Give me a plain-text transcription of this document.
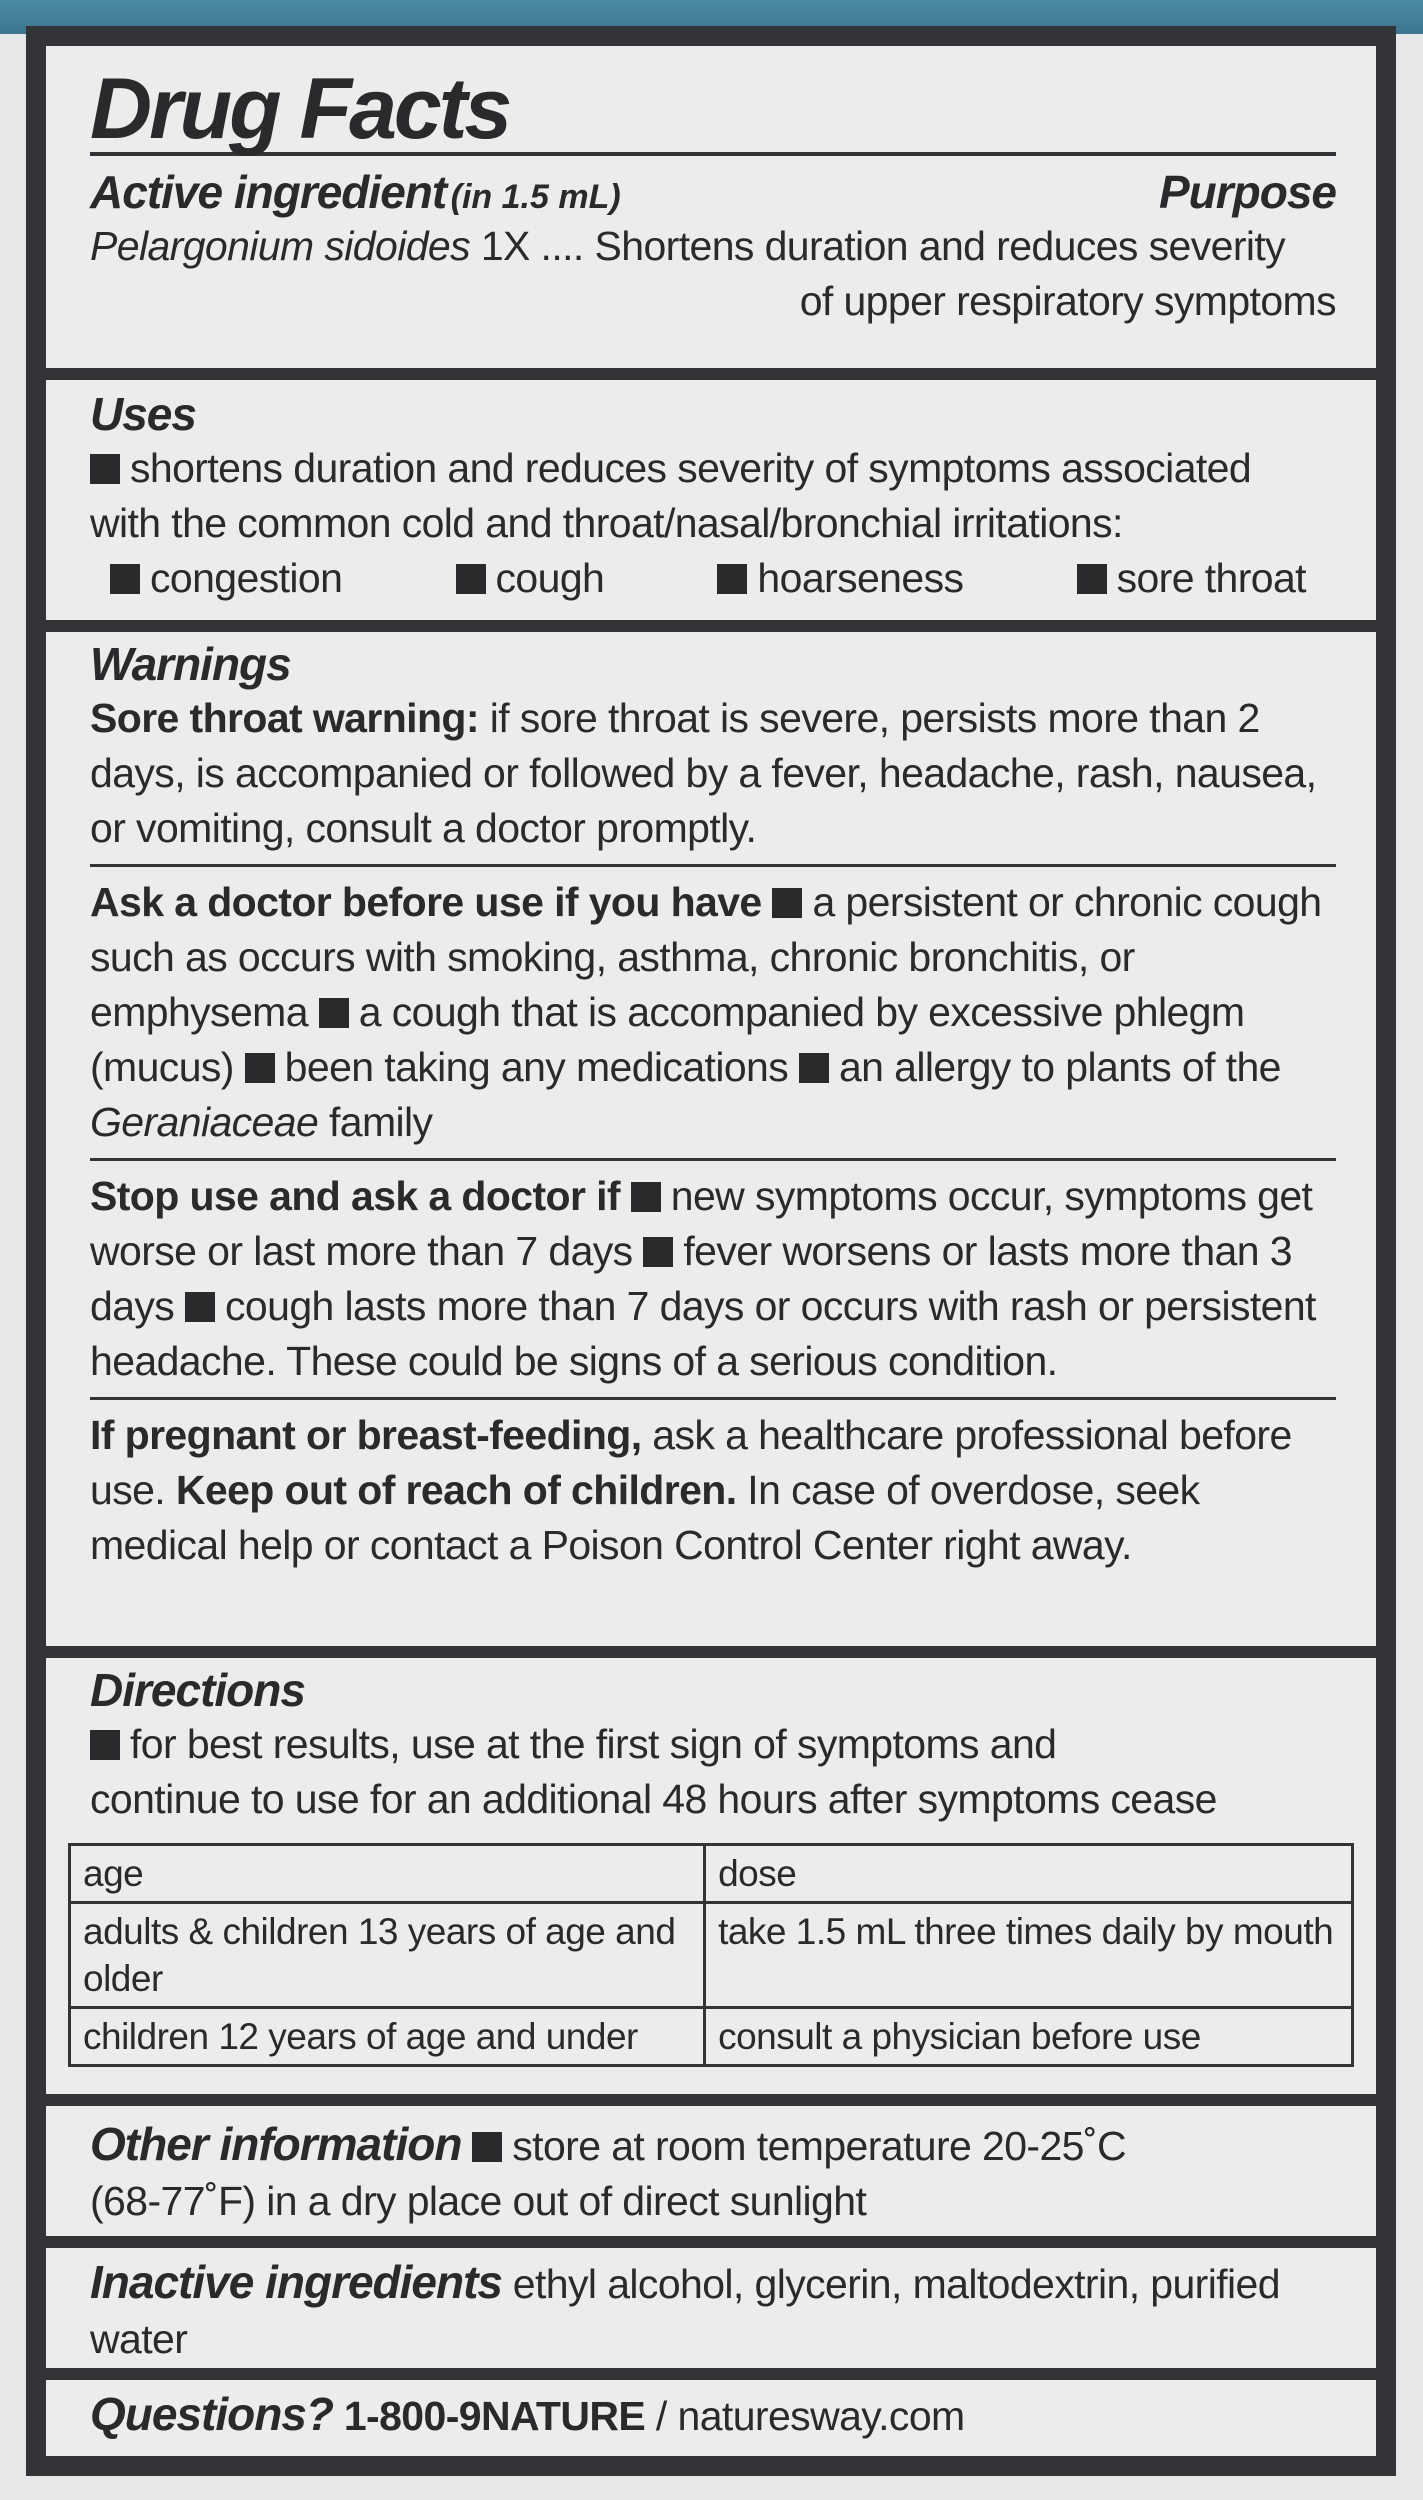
Drug Facts
Active ingredient (in 1.5 mL)	Purpose
Pelargonium sidoides 1X .... Shortens duration and reduces severity
of upper respiratory symptoms
Uses
shortens duration and reduces severity of symptoms associated
with the common cold and throat/nasal/bronchial irritations:
congestion	cough	hoarseness	sore throat
Warnings
Sore throat warning: if sore throat is severe, persists more than 2 days, is accompanied or followed by a fever, headache, rash, nausea, or vomiting, consult a doctor promptly.
Ask a doctor before use if you have a persistent or chronic cough such as occurs with smoking, asthma, chronic bronchitis, or emphysema a cough that is accompanied by excessive phlegm (mucus) been taking any medications an allergy to plants of the Geraniaceae family
Stop use and ask a doctor if new symptoms occur, symptoms get worse or last more than 7 days fever worsens or lasts more than 3 days cough lasts more than 7 days or occurs with rash or persistent headache. These could be signs of a serious condition.
If pregnant or breast-feeding, ask a healthcare professional before use. Keep out of reach of children. In case of overdose, seek medical help or contact a Poison Control Center right away.
Directions
for best results, use at the first sign of symptoms and
continue to use for an additional 48 hours after symptoms cease
age	dose
adults & children 13 years of age and older	take 1.5 mL three times daily by mouth
children 12 years of age and under	consult a physician before use
Other information store at room temperature 20-25˚C
(68-77˚F) in a dry place out of direct sunlight
Inactive ingredients ethyl alcohol, glycerin, maltodextrin, purified water
Questions? 1-800-9NATURE / naturesway.com
